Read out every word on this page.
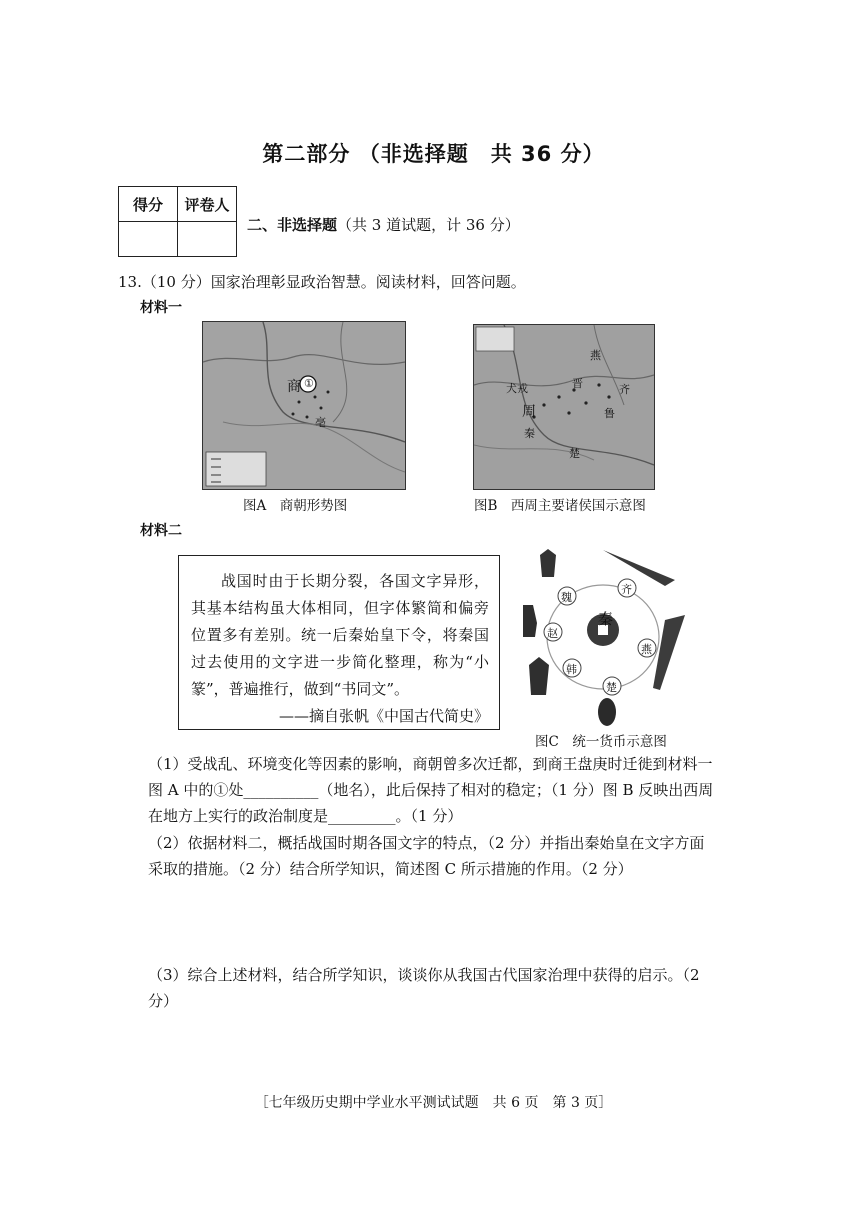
第二部分 （非选择题　共 36 分）
得分	评卷人

二、非选择题（共 3 道试题，计 36 分）
13.（10 分）国家治理彰显政治智慧。阅读材料，回答问题。
材料一
商 ①
亳
图A　商朝形势图
周
燕
齐
鲁
晋
秦
楚
犬戎
图B　西周主要诸侯国示意图
材料二

战国时由于长期分裂，各国文字异形，其基本结构虽大体相同，但字体繁简和偏旁位置多有差别。统一后秦始皇下令，将秦国过去使用的文字进一步简化整理，称为“小篆”，普遍推行，做到“书同文”。

——摘自张帆《中国古代简史》
秦
魏
齐
赵
燕
韩
楚
图C　统一货币示意图
（1）受战乱、环境变化等因素的影响，商朝曾多次迁都，到商王盘庚时迁徙到材料一图 A 中的①处__________（地名），此后保持了相对的稳定；（1 分）图 B 反映出西周在地方上实行的政治制度是_________。（1 分）
（2）依据材料二，概括战国时期各国文字的特点，（2 分）并指出秦始皇在文字方面采取的措施。（2 分）结合所学知识，简述图 C 所示措施的作用。（2 分）
（3）综合上述材料，结合所学知识，谈谈你从我国古代国家治理中获得的启示。（2 分）
［七年级历史期中学业水平测试试题　共 6 页　第 3 页］
